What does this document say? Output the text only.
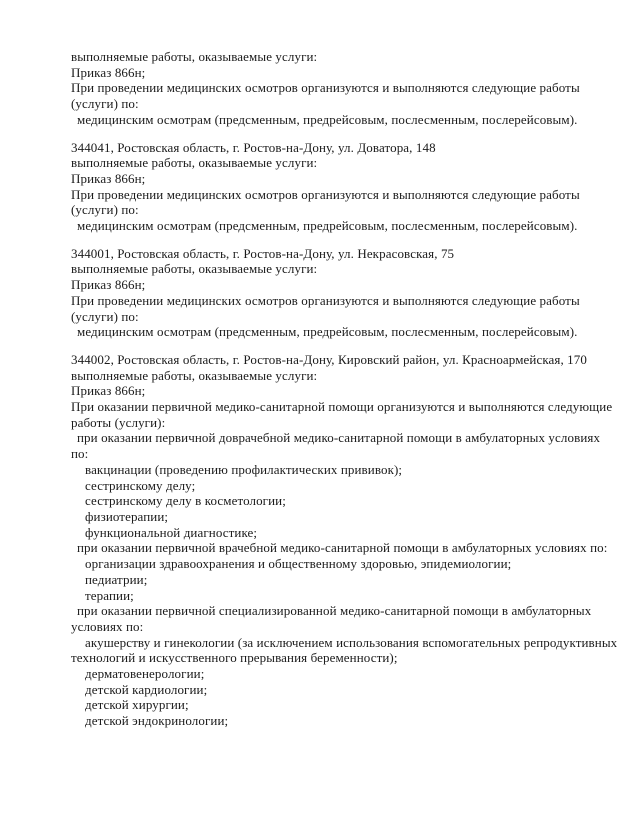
выполняемые работы, оказываемые услуги:
Приказ 866н;
При проведении медицинских осмотров организуются и выполняются следующие работы
(услуги) по:
медицинским осмотрам (предсменным, предрейсовым, послесменным, послерейсовым).
344041, Ростовская область, г. Ростов-на-Дону, ул. Доватора, 148
выполняемые работы, оказываемые услуги:
Приказ 866н;
При проведении медицинских осмотров организуются и выполняются следующие работы
(услуги) по:
медицинским осмотрам (предсменным, предрейсовым, послесменным, послерейсовым).
344001, Ростовская область, г. Ростов-на-Дону, ул. Некрасовская, 75
выполняемые работы, оказываемые услуги:
Приказ 866н;
При проведении медицинских осмотров организуются и выполняются следующие работы
(услуги) по:
медицинским осмотрам (предсменным, предрейсовым, послесменным, послерейсовым).
344002, Ростовская область, г. Ростов-на-Дону, Кировский район, ул. Красноармейская, 170
выполняемые работы, оказываемые услуги:
Приказ 866н;
При оказании первичной медико-санитарной помощи организуются и выполняются следующие
работы (услуги):
при оказании первичной доврачебной медико-санитарной помощи в амбулаторных условиях
по:
вакцинации (проведению профилактических прививок);
сестринскому делу;
сестринскому делу в косметологии;
физиотерапии;
функциональной диагностике;
при оказании первичной врачебной медико-санитарной помощи в амбулаторных условиях по:
организации здравоохранения и общественному здоровью, эпидемиологии;
педиатрии;
терапии;
при оказании первичной специализированной медико-санитарной помощи в амбулаторных
условиях по:
акушерству и гинекологии (за исключением использования вспомогательных репродуктивных
технологий и искусственного прерывания беременности);
дерматовенерологии;
детской кардиологии;
детской хирургии;
детской эндокринологии;
